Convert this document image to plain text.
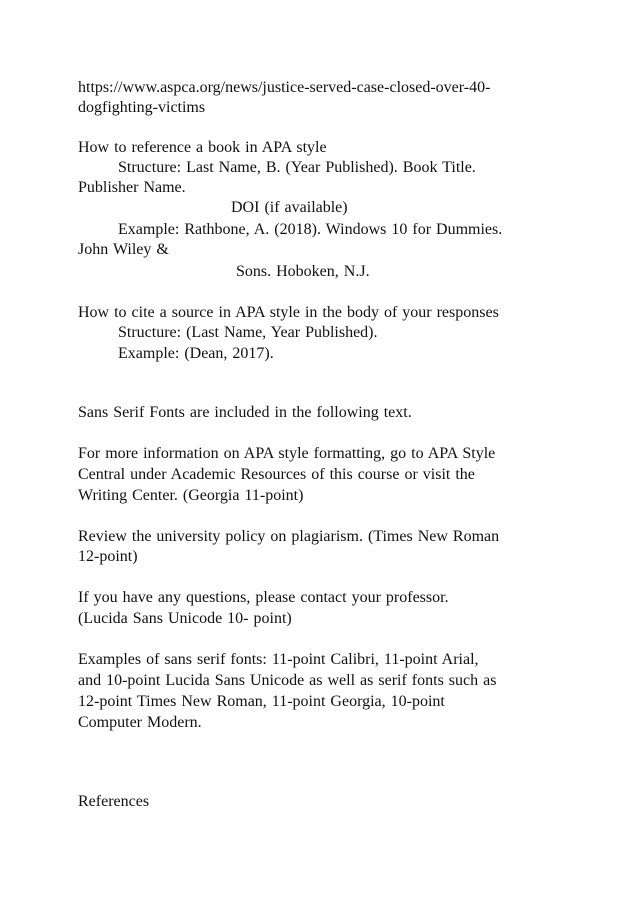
https://www.aspca.org/news/justice-served-case-closed-over-40-
dogfighting-victims
How to reference a book in APA style
Structure: Last Name, B. (Year Published). Book Title.
Publisher Name.
DOI (if available)
Example: Rathbone, A. (2018). Windows 10 for Dummies.
John Wiley &
Sons. Hoboken, N.J.
How to cite a source in APA style in the body of your responses
Structure: (Last Name, Year Published).
Example: (Dean, 2017).
Sans Serif Fonts are included in the following text.
For more information on APA style formatting, go to APA Style
Central under Academic Resources of this course or visit the
Writing Center. (Georgia 11-point)
Review the university policy on plagiarism. (Times New Roman
12-point)
If you have any questions, please contact your professor.
(Lucida Sans Unicode 10- point)
Examples of sans serif fonts: 11-point Calibri, 11-point Arial,
and 10-point Lucida Sans Unicode as well as serif fonts such as
12-point Times New Roman, 11-point Georgia, 10-point
Computer Modern.
References
